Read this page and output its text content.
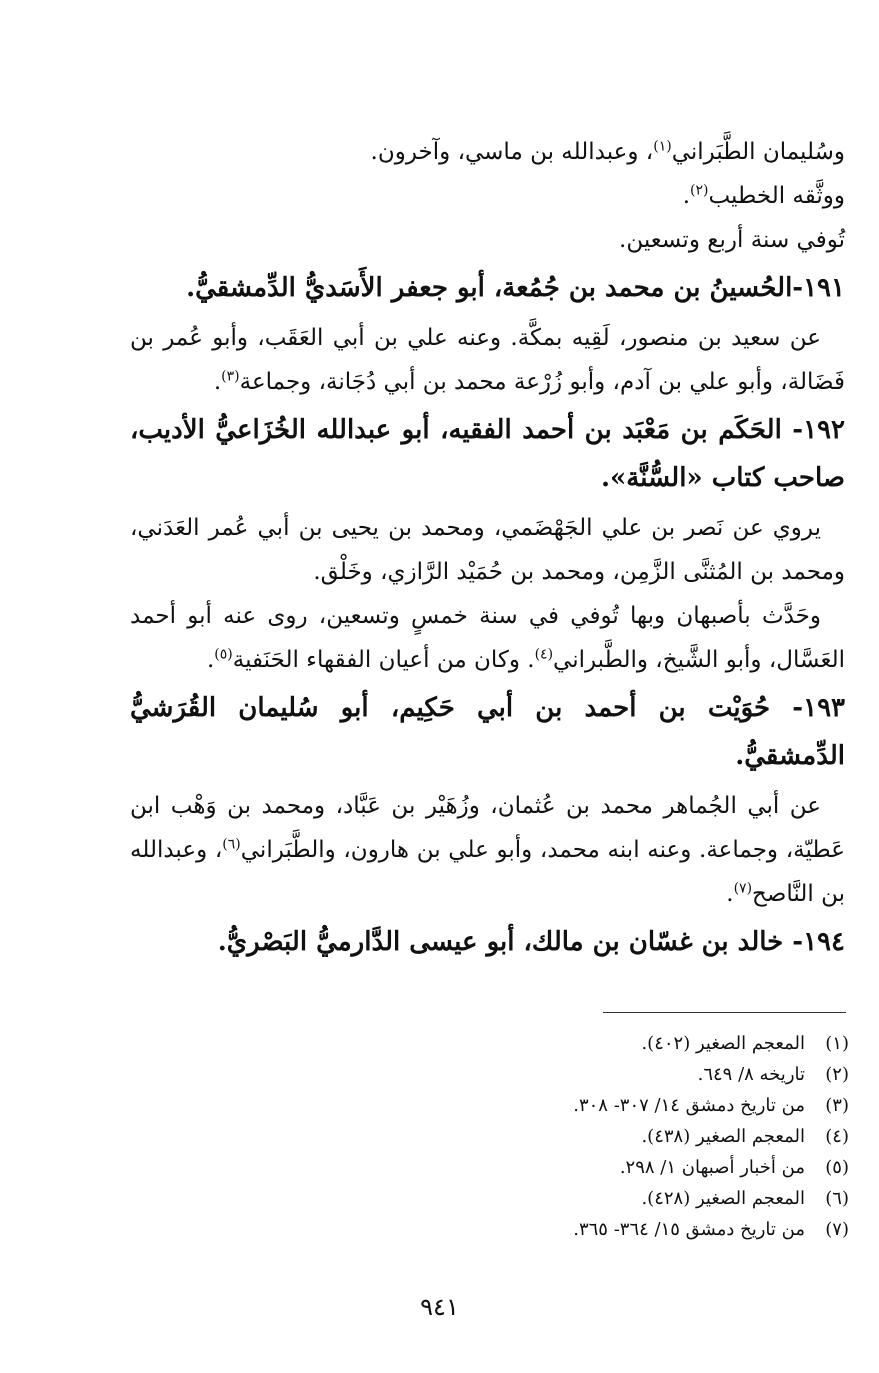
وسُليمان الطَّبَراني$^{(١)}$، وعبدالله بن ماسي، وآخرون.
ووثَّقه الخطيب$^{(٢)}$.
تُوفي سنة أربع وتسعين.
١٩١-الحُسينُ بن محمد بن جُمُعة، أبو جعفر الأَسَديُّ الدِّمشقيُّ.

عن سعيد بن منصور، لَقِيه بمكَّة. وعنه علي بن أبي العَقَب، وأبو عُمر بن فَضَالة، وأبو علي بن آدم، وأبو زُرْعة محمد بن أبي دُجَانة، وجماعة$^{(٣)}$.

١٩٢- الحَكَم بن مَعْبَد بن أحمد الفقيه، أبو عبدالله الخُزَاعيُّ الأديب، صاحب كتاب «السُّنَّة».

يروي عن نَصر بن علي الجَهْضَمي، ومحمد بن يحيى بن أبي عُمر العَدَني، ومحمد بن المُثنَّى الزَّمِن، ومحمد بن حُمَيْد الرَّازي، وخَلْق.

وحَدَّث بأصبهان وبها تُوفي في سنة خمسٍ وتسعين، روى عنه أبو أحمد العَسَّال، وأبو الشَّيخ، والطَّبراني$^{(٤)}$. وكان من أعيان الفقهاء الحَنَفية$^{(٥)}$.

١٩٣- حُوَيْت بن أحمد بن أبي حَكِيم، أبو سُليمان القُرَشيُّ الدِّمشقيُّ.

عن أبي الجُماهر محمد بن عُثمان، وزُهَيْر بن عَبَّاد، ومحمد بن وَهْب ابن عَطيّة، وجماعة. وعنه ابنه محمد، وأبو علي بن هارون، والطَّبَراني$^{(٦)}$، وعبدالله بن النَّاصح$^{(٧)}$.

١٩٤- خالد بن غسّان بن مالك، أبو عيسى الدَّارميُّ البَصْريُّ.
(١)المعجم الصغير (٤٠٢).
(٢)تاريخه ٨/ ٦٤٩.
(٣)من تاريخ دمشق ١٤/ ٣٠٧- ٣٠٨.
(٤)المعجم الصغير (٤٣٨).
(٥)من أخبار أصبهان ١/ ٢٩٨.
(٦)المعجم الصغير (٤٢٨).
(٧)من تاريخ دمشق ١٥/ ٣٦٤- ٣٦٥.
٩٤١
